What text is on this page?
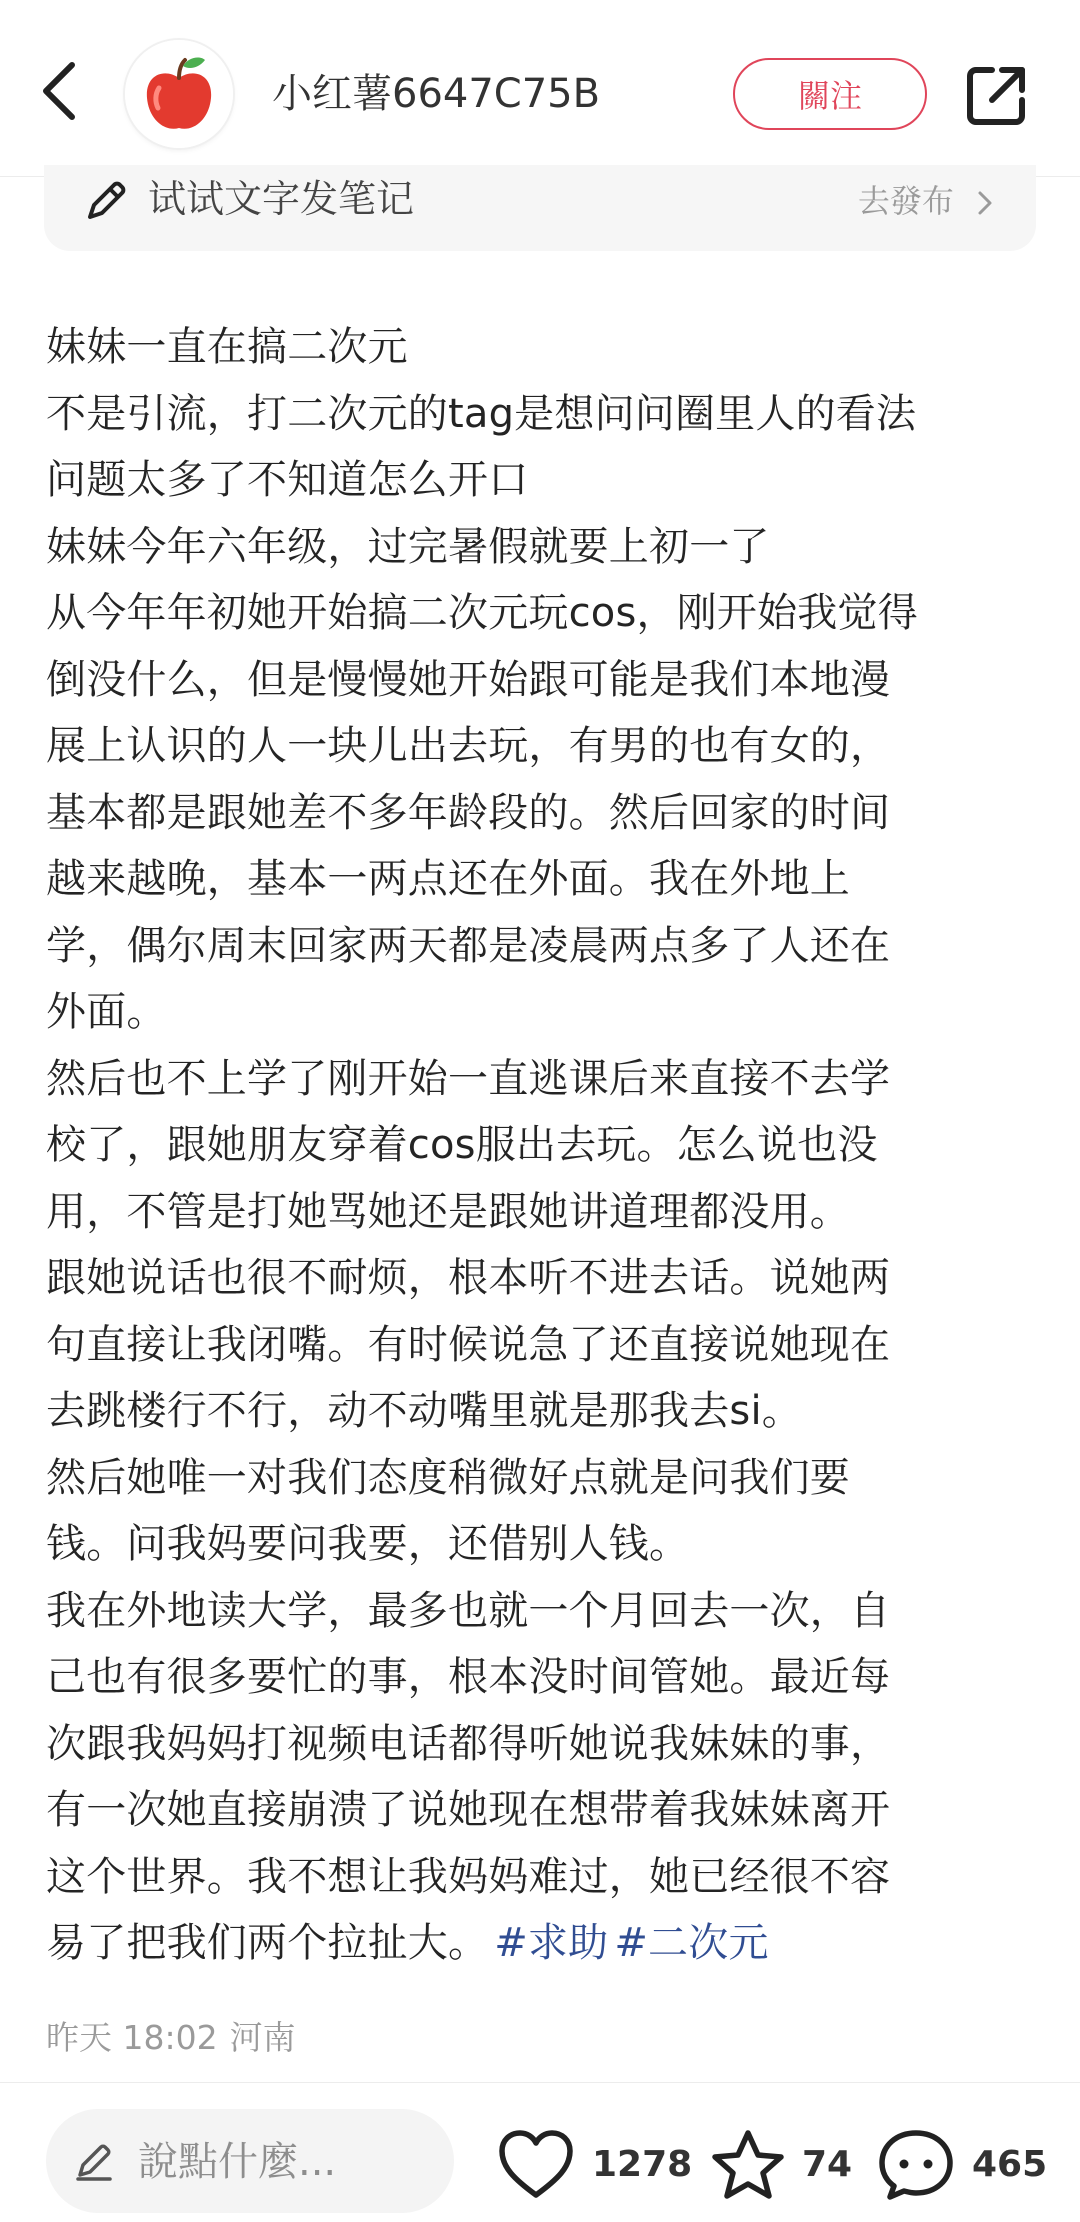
小红薯6647C75B	關注
试试文字发笔记	去發布
妹妹一直在搞二次元
不是引流，打二次元的tag是想问问圈里人的看法
问题太多了不知道怎么开口
妹妹今年六年级，过完暑假就要上初一了
从今年年初她开始搞二次元玩cos，刚开始我觉得
倒没什么，但是慢慢她开始跟可能是我们本地漫
展上认识的人一块儿出去玩，有男的也有女的，
基本都是跟她差不多年龄段的。然后回家的时间
越来越晚，基本一两点还在外面。我在外地上
学，偶尔周末回家两天都是凌晨两点多了人还在
外面。
然后也不上学了刚开始一直逃课后来直接不去学
校了，跟她朋友穿着cos服出去玩。怎么说也没
用，不管是打她骂她还是跟她讲道理都没用。
跟她说话也很不耐烦，根本听不进去话。说她两
句直接让我闭嘴。有时候说急了还直接说她现在
去跳楼行不行，动不动嘴里就是那我去si。
然后她唯一对我们态度稍微好点就是问我们要
钱。问我妈要问我要，还借别人钱。
我在外地读大学，最多也就一个月回去一次，自
己也有很多要忙的事，根本没时间管她。最近每
次跟我妈妈打视频电话都得听她说我妹妹的事，
有一次她直接崩溃了说她现在想带着我妹妹离开
这个世界。我不想让我妈妈难过，她已经很不容
易了把我们两个拉扯大。 #求助 #二次元
昨天 18:02 河南
說點什麼...	1278	74	465
